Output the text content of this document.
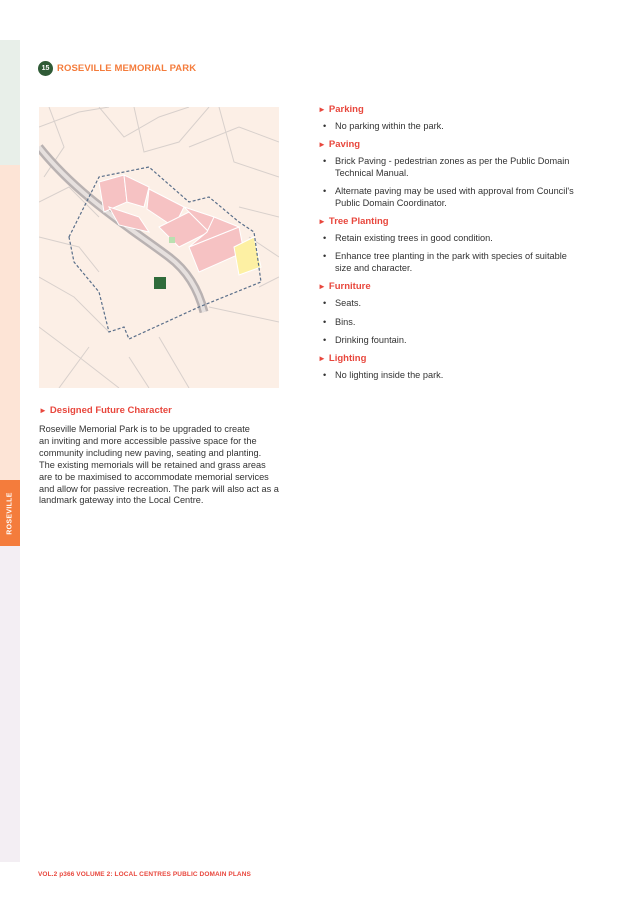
ROSEVILLE
15 ROSEVILLE MEMORIAL PARK
► Designed Future Character
Roseville Memorial Park is to be upgraded to create
an inviting and more accessible passive space for the
community including new paving, seating and planting.
The existing memorials will be retained and grass areas
are to be maximised to accommodate memorial services
and allow for passive recreation. The park will also act as a
landmark gateway into the Local Centre.
► Parking
• No parking within the park.
► Paving
• Brick Paving - pedestrian zones as per the Public Domain Technical Manual.
• Alternate paving may be used with approval from Council's Public Domain Coordinator.
► Tree Planting
• Retain existing trees in good condition.
• Enhance tree planting in the park with species of suitable size and character.
► Furniture
• Seats.
• Bins.
• Drinking fountain.
► Lighting
• No lighting inside the park.
VOL.2 p366 VOLUME 2: LOCAL CENTRES PUBLIC DOMAIN PLANS
